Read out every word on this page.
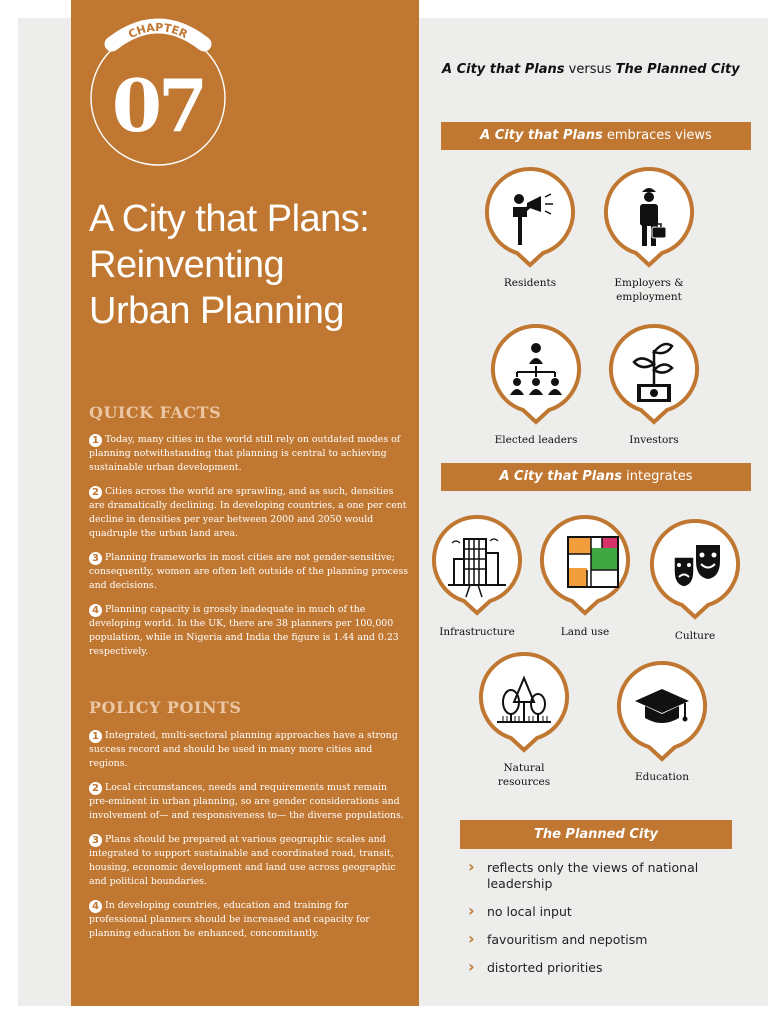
CHAPTER
07
A City that Plans:
Reinventing
Urban Planning
QUICK FACTS
1 Today, many cities in the world still rely on outdated modes of planning notwithstanding that planning is central to achieving sustainable urban development.
2 Cities across the world are sprawling, and as such, densities are dramatically declining. In developing countries, a one per cent decline in densities per year between 2000 and 2050 would quadruple the urban land area.
3 Planning frameworks in most cities are not gender-sensitive; consequently, women are often left outside of the planning process and decisions.
4 Planning capacity is grossly inadequate in much of the developing world. In the UK, there are 38 planners per 100,000 population, while in Nigeria and India the figure is 1.44 and 0.23 respectively.
POLICY POINTS
1 Integrated, multi-sectoral planning approaches have a strong success record and should be used in many more cities and regions.
2 Local circumstances, needs and requirements must remain pre-eminent in urban planning, so are gender considerations and involvement of— and responsiveness to— the diverse populations.
3 Plans should be prepared at various geographic scales and integrated to support sustainable and coordinated road, transit, housing, economic development and land use across geographic and political boundaries.
4 In developing countries, education and training for professional planners should be increased and capacity for planning education be enhanced, concomitantly.
A City that Plans versus The Planned City
A City that Plans embraces views
Residents	Employers &
employment
Elected leaders	Investors
A City that Plans integrates
Infrastructure	Land use	Culture
Natural
resources	Education
The Planned City
› reflects only the views of national leadership
› no local input
› favouritism and nepotism
› distorted priorities
